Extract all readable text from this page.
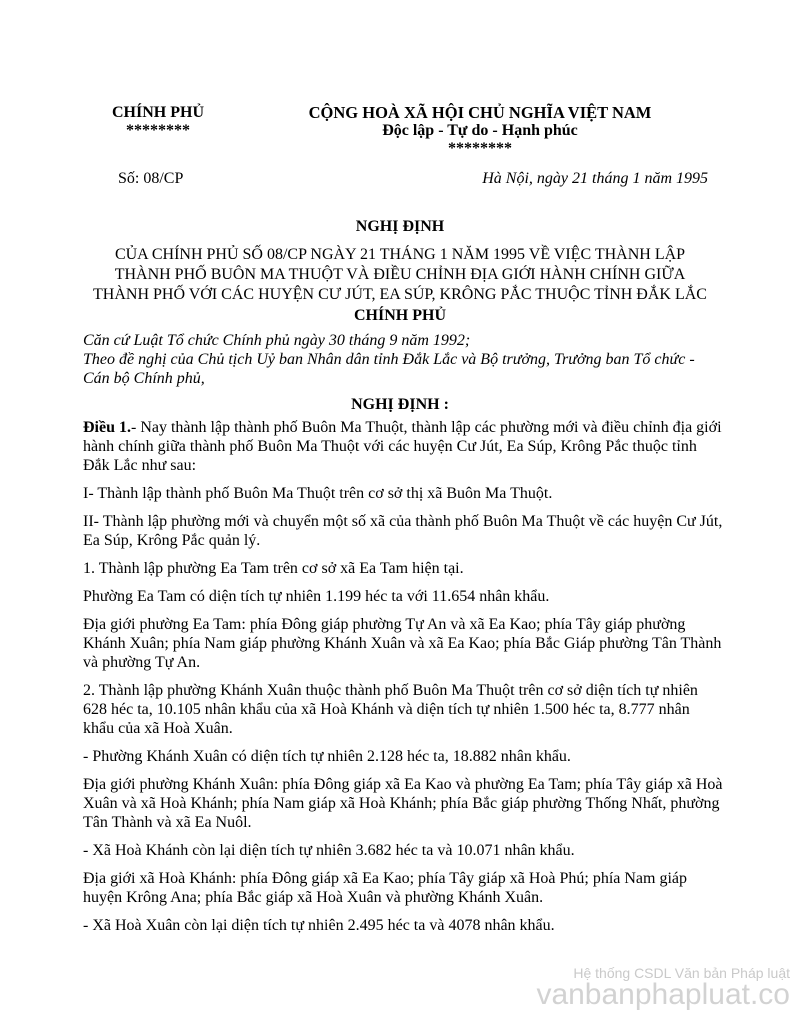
CHÍNH PHỦ
********
CỘNG HOÀ XÃ HỘI CHỦ NGHĨA VIỆT NAM
Độc lập - Tự do - Hạnh phúc
********
Số: 08/CP	Hà Nội, ngày 21 tháng 1 năm 1995
NGHỊ ĐỊNH
CỦA CHÍNH PHỦ SỐ 08/CP NGÀY 21 THÁNG 1 NĂM 1995 VỀ VIỆC THÀNH LẬP
THÀNH PHỐ BUÔN MA THUỘT VÀ ĐIỀU CHỈNH ĐỊA GIỚI HÀNH CHÍNH GIỮA
THÀNH PHỐ VỚI CÁC HUYỆN CƯ JÚT, EA SÚP, KRÔNG PẮC THUỘC TỈNH ĐẮK LẮC
CHÍNH PHỦ
Căn cứ Luật Tổ chức Chính phủ ngày 30 tháng 9 năm 1992;
Theo đề nghị của Chủ tịch Uỷ ban Nhân dân tỉnh Đắk Lắc và Bộ trưởng, Trưởng ban Tổ chức - Cán bộ Chính phủ,
NGHỊ ĐỊNH :

Điều 1.- Nay thành lập thành phố Buôn Ma Thuột, thành lập các phường mới và điều chỉnh địa giới hành chính giữa thành phố Buôn Ma Thuột với các huyện Cư Jút, Ea Súp, Krông Pắc thuộc tỉnh Đắk Lắc như sau:

I- Thành lập thành phố Buôn Ma Thuột trên cơ sở thị xã Buôn Ma Thuột.

II- Thành lập phường mới và chuyển một số xã của thành phố Buôn Ma Thuột về các huyện Cư Jút, Ea Súp, Krông Pắc quản lý.

1. Thành lập phường Ea Tam trên cơ sở xã Ea Tam hiện tại.

Phường Ea Tam có diện tích tự nhiên 1.199 héc ta với 11.654 nhân khẩu.

Địa giới phường Ea Tam: phía Đông giáp phường Tự An và xã Ea Kao; phía Tây giáp phường Khánh Xuân; phía Nam giáp phường Khánh Xuân và xã Ea Kao; phía Bắc Giáp phường Tân Thành và phường Tự An.

2. Thành lập phường Khánh Xuân thuộc thành phố Buôn Ma Thuột trên cơ sở diện tích tự nhiên 628 héc ta, 10.105 nhân khẩu của xã Hoà Khánh và diện tích tự nhiên 1.500 héc ta, 8.777 nhân khẩu của xã Hoà Xuân.

- Phường Khánh Xuân có diện tích tự nhiên 2.128 héc ta, 18.882 nhân khẩu.

Địa giới phường Khánh Xuân: phía Đông giáp xã Ea Kao và phường Ea Tam; phía Tây giáp xã Hoà Xuân và xã Hoà Khánh; phía Nam giáp xã Hoà Khánh; phía Bắc giáp phường Thống Nhất, phường Tân Thành và xã Ea Nuôl.

- Xã Hoà Khánh còn lại diện tích tự nhiên 3.682 héc ta và 10.071 nhân khẩu.

Địa giới xã Hoà Khánh: phía Đông giáp xã Ea Kao; phía Tây giáp xã Hoà Phú; phía Nam giáp huyện Krông Ana; phía Bắc giáp xã Hoà Xuân và phường Khánh Xuân.

- Xã Hoà Xuân còn lại diện tích tự nhiên 2.495 héc ta và 4078 nhân khẩu.

Hệ thống CSDL Văn bản Pháp luật
vanbanphapluat.co
